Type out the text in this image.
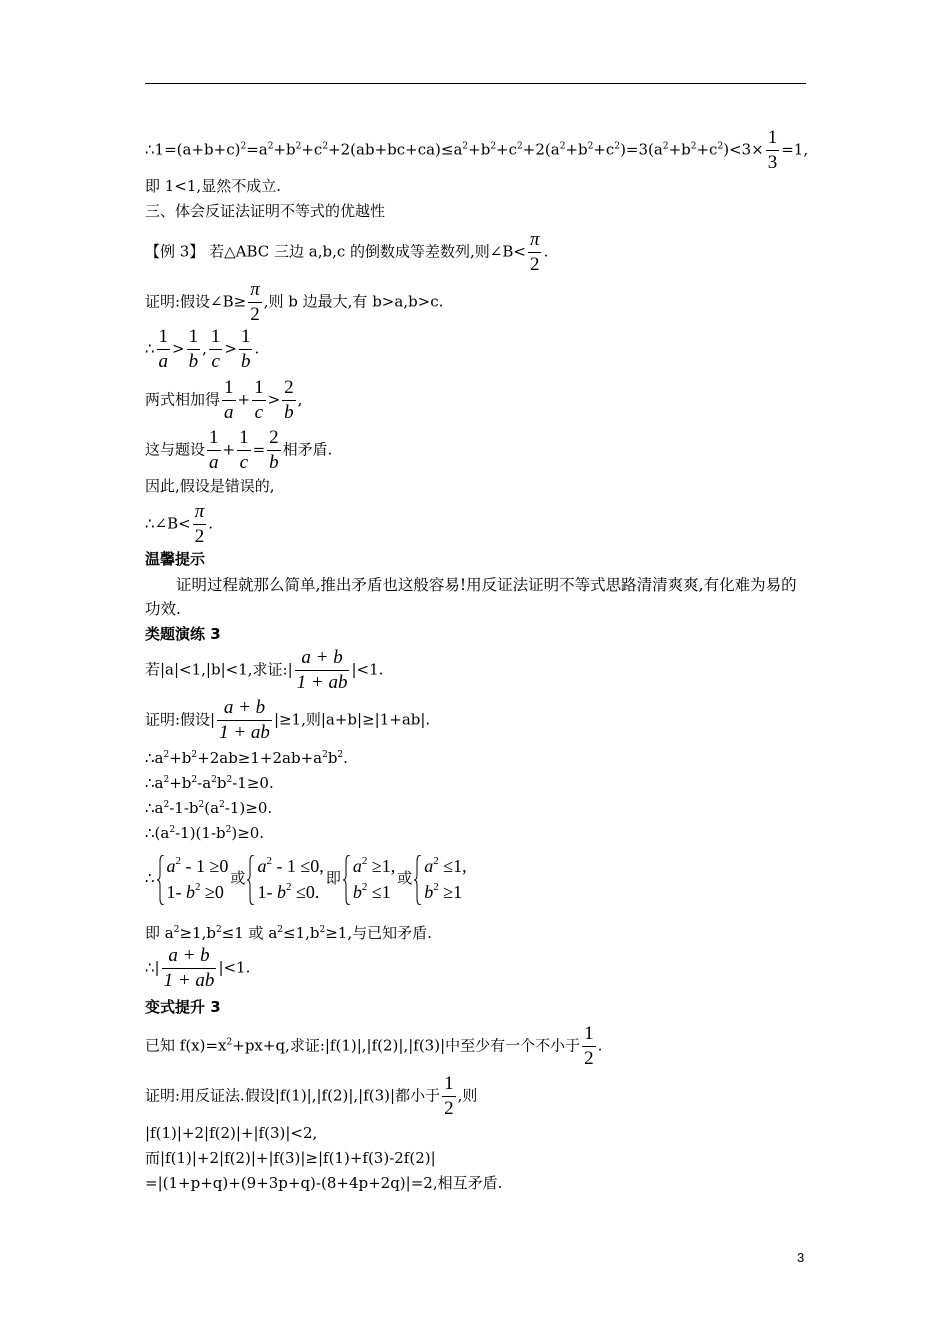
$\therefore 1=(a+b+c)^2=a^2+b^2+c^2+2(ab+bc+ca)\le a^2+b^2+c^2+2(a^2+b^2+c^2)=3(a^2+b^2+c^2)<3\times \frac{1}{3} =1$,
即 1<1,显然不成立.
三、体会反证法证明不等式的优越性
【例 3】 若△ABC 三边 a,b,c 的倒数成等差数列,则∠B< $\frac{\pi}{2}$ .
证明:假设∠B≥ $\frac{\pi}{2}$ ,则 b 边最大,有 b>a,b>c.
∴ $\frac{1}{a} > \frac{1}{b}$ , $\frac{1}{c} > \frac{1}{b}$ .
两式相加得 $\frac{1}{a} + \frac{1}{c} > \frac{2}{b}$ ,
这与题设 $\frac{1}{a} + \frac{1}{c} = \frac{2}{b}$ 相矛盾.
因此,假设是错误的,
∴∠B< $\frac{\pi}{2}$ .
温馨提示
证明过程就那么简单,推出矛盾也这般容易!用反证法证明不等式思路清清爽爽,有化难为易的功效.
类题演练 3
若|a|<1,|b|<1,求证:| $\frac{a + b}{1 + ab} |<1$.
证明:假设| $\frac{a + b}{1 + ab} |\ge 1$,则|a+b|≥|1+ab|.
$\therefore a^2+b^2+2ab\ge 1+2ab+a^2b^2$.
$\therefore a^2+b^2-a^2b^2-1\ge 0$.
$\therefore a^2-1-b^2(a^2-1)\ge 0$.
$\therefore(a^2-1)(1-b^2)\ge 0$.
∴
$a^2 - 1 \ge 0$
1- $b^2 \ge 0$
或
$a^2 - 1 \le 0$,
1- $b^2 \le 0$.
即
$a^2 \ge 1$,
$b^2 \le 1$
或
$a^2 \le 1$,
$b^2 \ge 1$
即 $a^2\ge 1,b^2\le 1$ 或 $a^2\le 1,b^2\ge 1$,与已知矛盾.
∴| $\frac{a + b}{1 + ab} |<1$.
变式提升 3
已知 $f(x)=x^2+px+q$,求证:|f(1)|,|f(2)|,|f(3)|中至少有一个不小于 $\frac{1}{2}$ .
证明:用反证法.假设|f(1)|,|f(2)|,|f(3)|都小于 $\frac{1}{2}$ ,则
|f(1)|+2|f(2)|+|f(3)|<2,
而|f(1)|+2|f(2)|+|f(3)|≥|f(1)+f(3)-2f(2)|
=|(1+p+q)+(9+3p+q)-(8+4p+2q)|=2,相互矛盾.
3
